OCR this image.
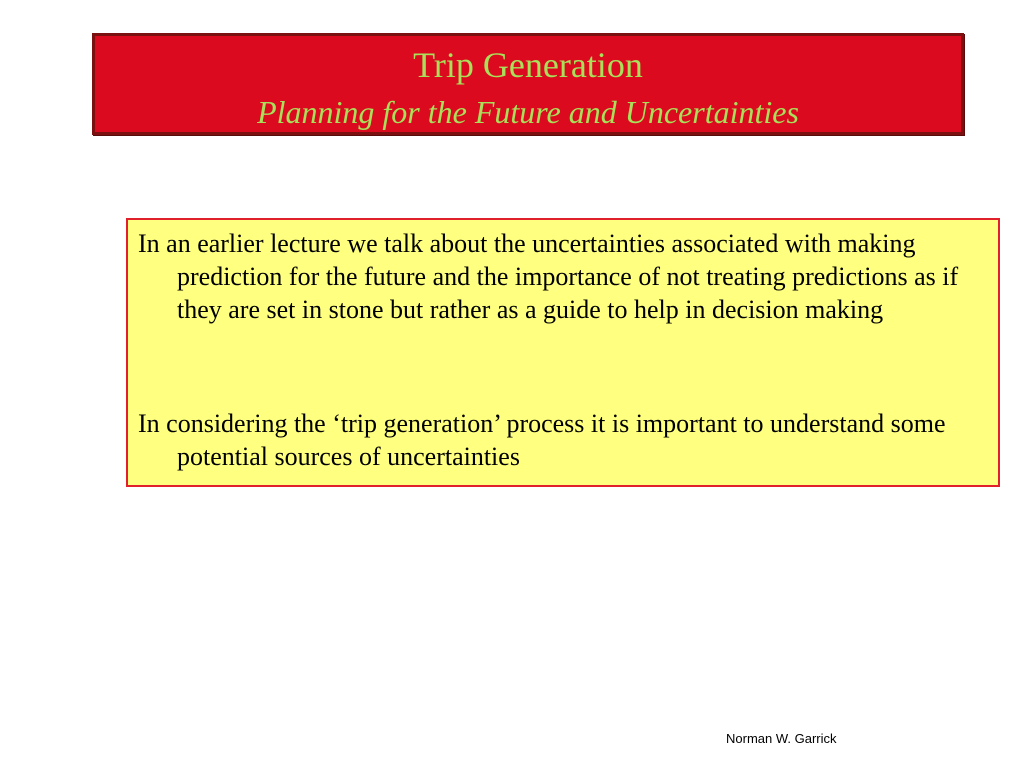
Trip Generation
Planning for the Future and Uncertainties

In an earlier lecture we talk about the uncertainties associated with making prediction for the future and the importance of not treating predictions as if they are set in stone but rather as a guide to help in decision making

In considering the ‘trip generation’ process it is important to understand some potential sources of uncertainties

Norman W. Garrick
